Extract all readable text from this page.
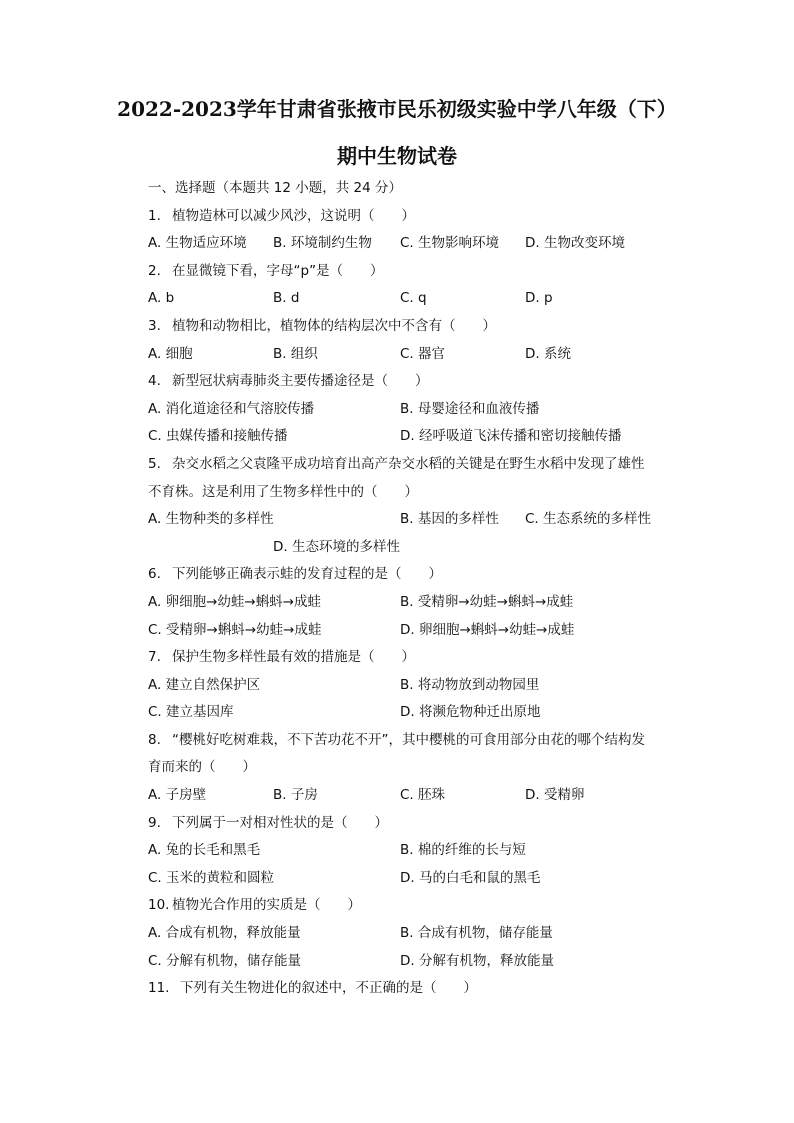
2022-2023学年甘肃省张掖市民乐初级实验中学八年级（下）
期中生物试卷
一、选择题（本题共 12 小题，共 24 分）
1. 植物造林可以减少风沙，这说明（　　）
A. 生物适应环境 B. 环境制约生物 C. 生物影响环境 D. 生物改变环境
2. 在显微镜下看，字母“p”是（　　）
A. b	B. d	C. q	D. p
3. 植物和动物相比，植物体的结构层次中不含有（　　）
A. 细胞	B. 组织	C. 器官	D. 系统
4. 新型冠状病毒肺炎主要传播途径是（　　）
A. 消化道途径和气溶胶传播	B. 母婴途径和血液传播
C. 虫媒传播和接触传播	D. 经呼吸道飞沫传播和密切接触传播
5. 杂交水稻之父袁隆平成功培育出高产杂交水稻的关键是在野生水稻中发现了雄性
不育株。这是利用了生物多样性中的（　　）
A. 生物种类的多样性	B. 基因的多样性 C. 生态系统的多样性
D. 生态环境的多样性
6. 下列能够正确表示蛙的发育过程的是（　　）
A. 卵细胞→幼蛙→蝌蚪→成蛙	B. 受精卵→幼蛙→蝌蚪→成蛙
C. 受精卵→蝌蚪→幼蛙→成蛙	D. 卵细胞→蝌蚪→幼蛙→成蛙
7. 保护生物多样性最有效的措施是（　　）
A. 建立自然保护区	B. 将动物放到动物园里
C. 建立基因库	D. 将濒危物种迁出原地
8. “樱桃好吃树难栽，不下苦功花不开”，其中樱桃的可食用部分由花的哪个结构发
育而来的（　　）
A. 子房壁	B. 子房	C. 胚珠	D. 受精卵
9. 下列属于一对相对性状的是（　　）
A. 兔的长毛和黑毛	B. 棉的纤维的长与短
C. 玉米的黄粒和圆粒	D. 马的白毛和鼠的黑毛
10. 植物光合作用的实质是（　　）
A. 合成有机物，释放能量	B. 合成有机物，储存能量
C. 分解有机物，储存能量	D. 分解有机物，释放能量
11. 下列有关生物进化的叙述中，不正确的是（　　）
